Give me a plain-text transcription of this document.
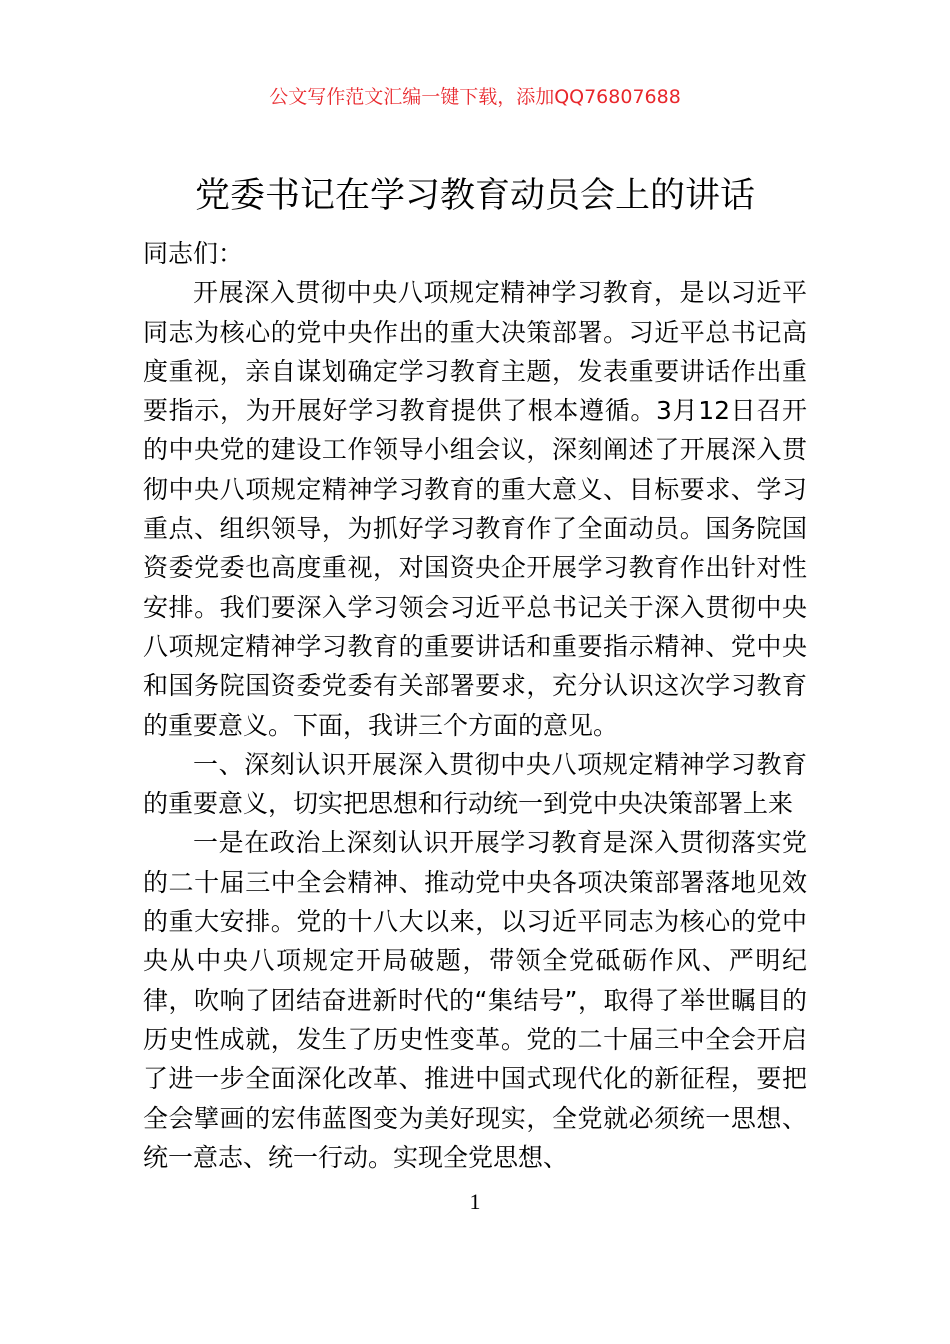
公文写作范文汇编一键下载，添加QQ76807688
党委书记在学习教育动员会上的讲话

同志们：

开展深入贯彻中央八项规定精神学习教育，是以习近平同志为核心的党中央作出的重大决策部署。习近平总书记高度重视，亲自谋划确定学习教育主题，发表重要讲话作出重要指示，为开展好学习教育提供了根本遵循。3月12日召开的中央党的建设工作领导小组会议，深刻阐述了开展深入贯彻中央八项规定精神学习教育的重大意义、目标要求、学习重点、组织领导，为抓好学习教育作了全面动员。国务院国资委党委也高度重视，对国资央企开展学习教育作出针对性安排。我们要深入学习领会习近平总书记关于深入贯彻中央八项规定精神学习教育的重要讲话和重要指示精神、党中央和国务院国资委党委有关部署要求，充分认识这次学习教育的重要意义。下面，我讲三个方面的意见。

一、深刻认识开展深入贯彻中央八项规定精神学习教育的重要意义，切实把思想和行动统一到党中央决策部署上来

一是在政治上深刻认识开展学习教育是深入贯彻落实党的二十届三中全会精神、推动党中央各项决策部署落地见效的重大安排。党的十八大以来，以习近平同志为核心的党中央从中央八项规定开局破题，带领全党砥砺作风、严明纪律，吹响了团结奋进新时代的“集结号”，取得了举世瞩目的历史性成就，发生了历史性变革。党的二十届三中全会开启了进一步全面深化改革、推进中国式现代化的新征程，要把全会擘画的宏伟蓝图变为美好现实，全党就必须统一思想、统一意志、统一行动。实现全党思想、

1
